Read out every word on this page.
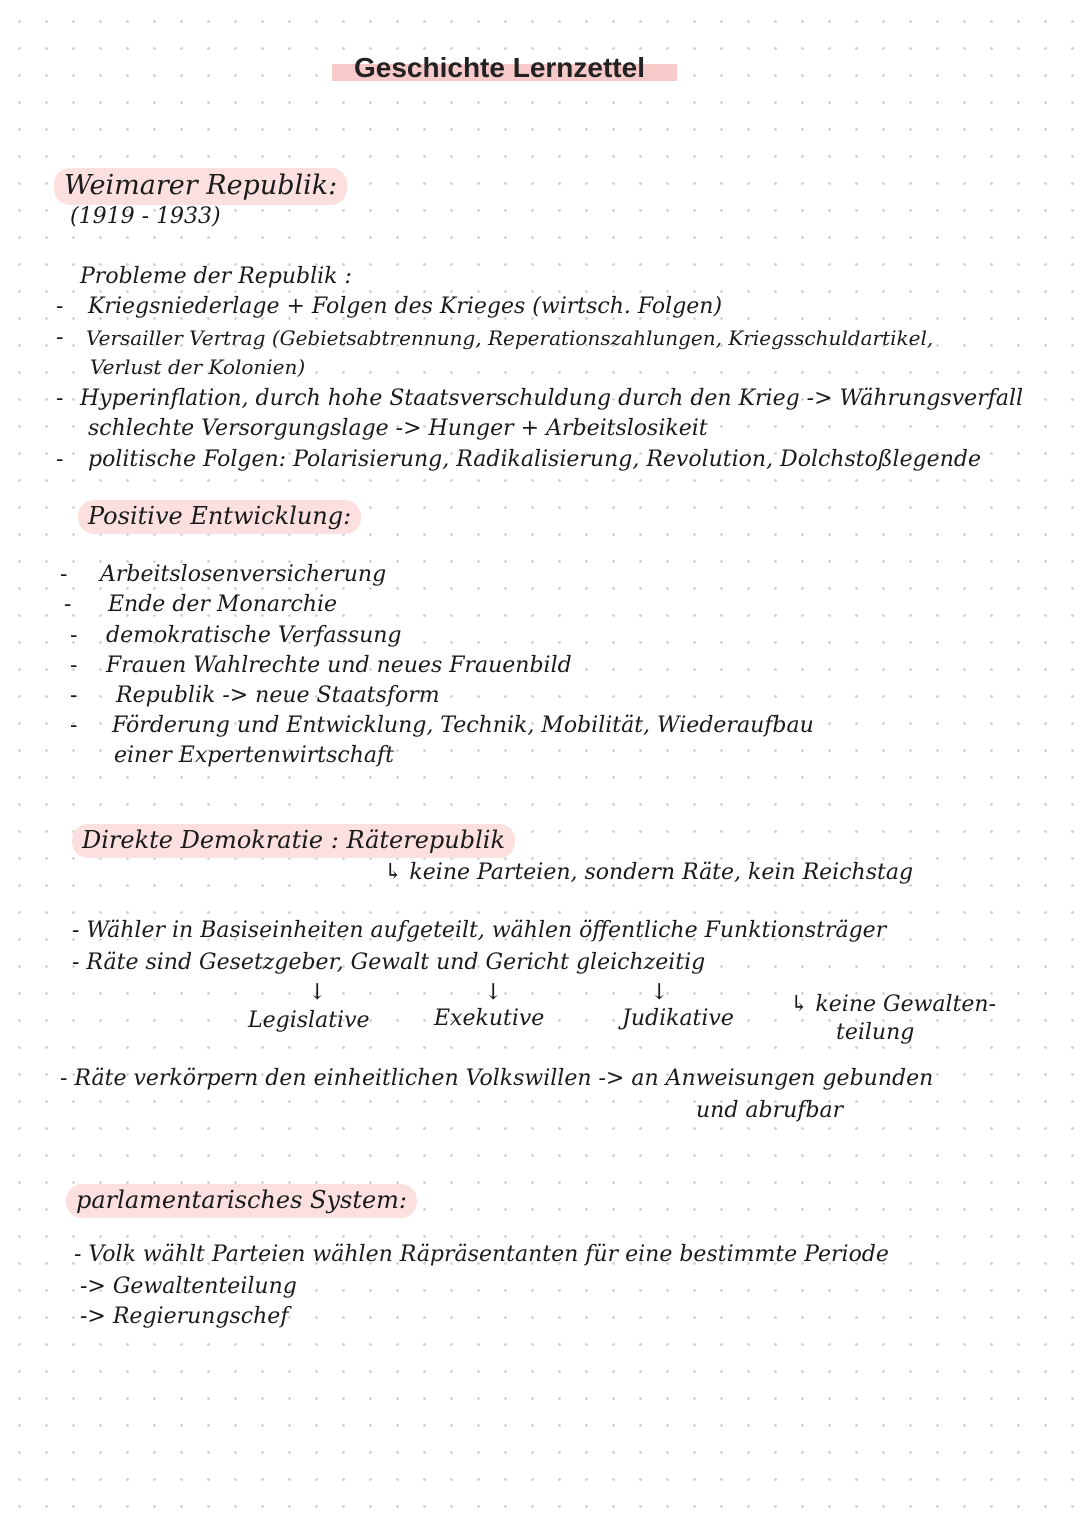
Geschichte Lernzettel
Weimarer Republik:
(1919 - 1933)
Probleme der Republik :
- Kriegsniederlage + Folgen des Krieges (wirtsch. Folgen)
- Versailler Vertrag (Gebietsabtrennung, Reperationszahlungen, Kriegsschuldartikel,
Verlust der Kolonien)
- Hyperinflation, durch hohe Staatsverschuldung durch den Krieg -> Währungsverfall
schlechte Versorgungslage -> Hunger + Arbeitslosikeit
- politische Folgen: Polarisierung, Radikalisierung, Revolution, Dolchstoßlegende
Positive Entwicklung:
- Arbeitslosenversicherung
- Ende der Monarchie
- demokratische Verfassung
- Frauen Wahlrechte und neues Frauenbild
- Republik -> neue Staatsform
- Förderung und Entwicklung, Technik, Mobilität, Wiederaufbau
einer Expertenwirtschaft
Direkte Demokratie : Räterepublik
↳ keine Parteien, sondern Räte, kein Reichstag
- Wähler in Basiseinheiten aufgeteilt, wählen öffentliche Funktionsträger
- Räte sind Gesetzgeber, Gewalt und Gericht gleichzeitig
↓	↓	↓
Legislative	Exekutive	Judikative
↳ keine Gewalten-
teilung
- Räte verkörpern den einheitlichen Volkswillen -> an Anweisungen gebunden
und abrufbar
parlamentarisches System:
- Volk wählt Parteien wählen Räpräsentanten für eine bestimmte Periode
-> Gewaltenteilung
-> Regierungschef
